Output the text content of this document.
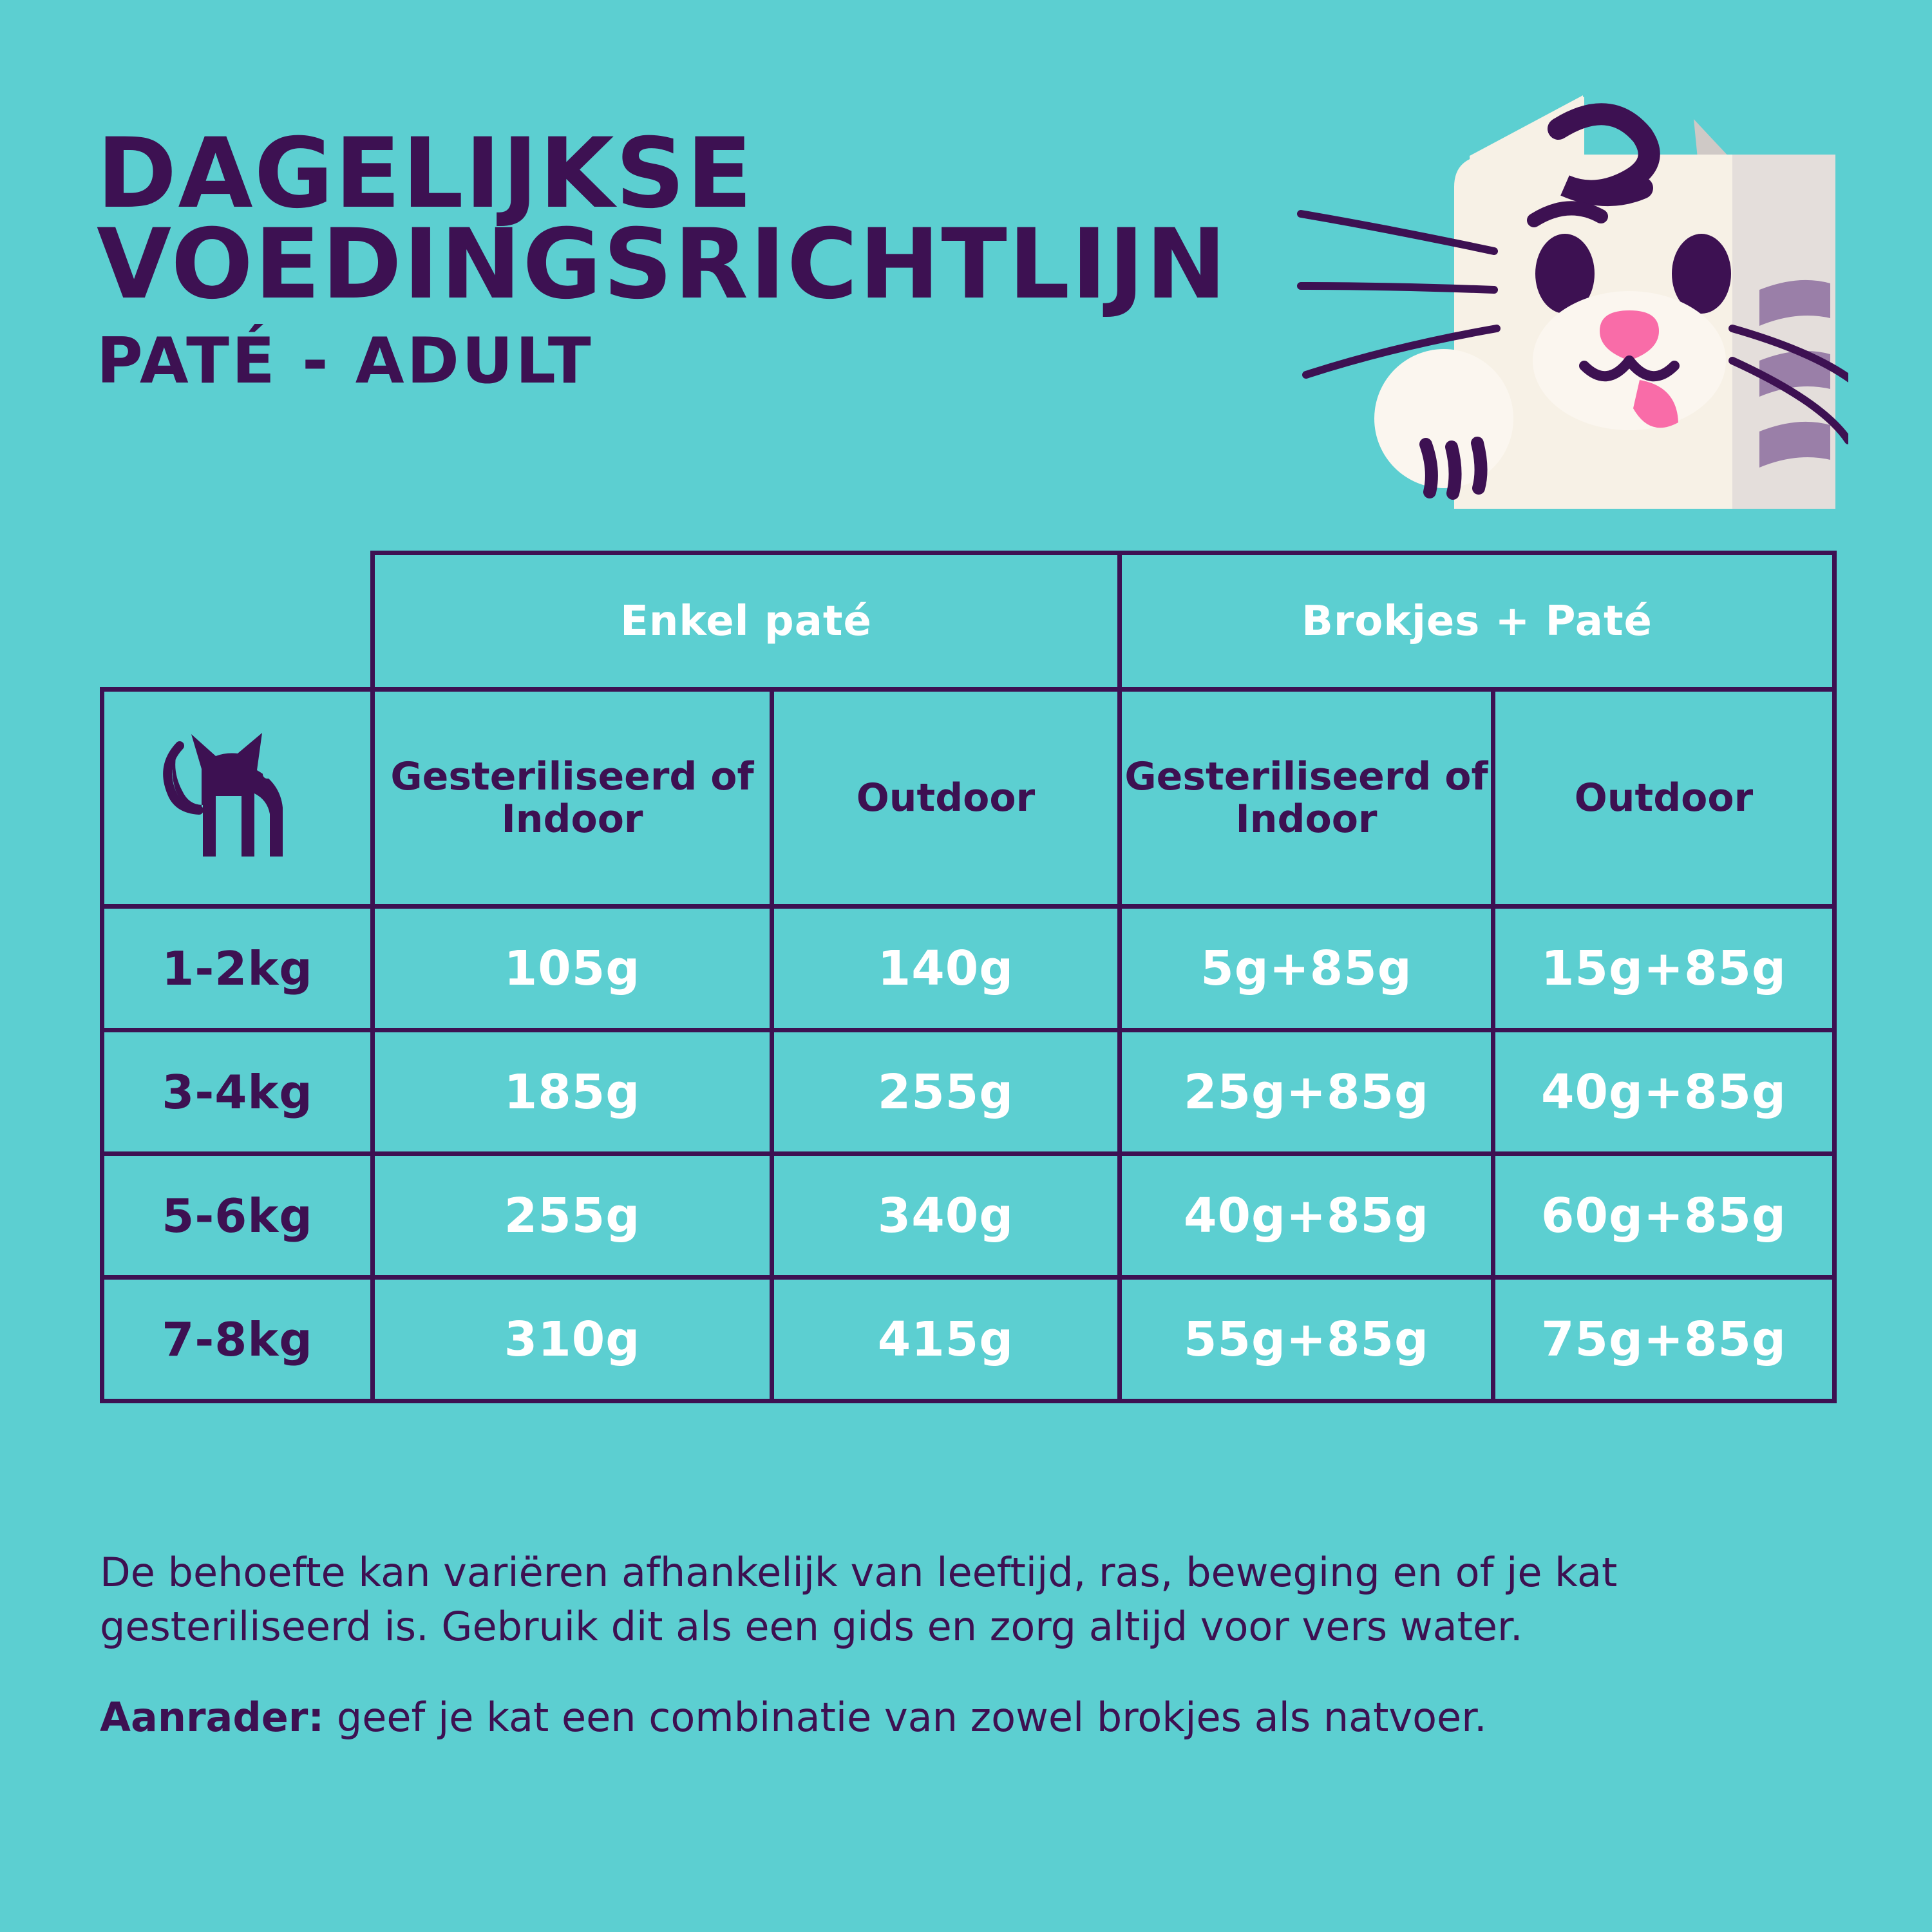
DAGELIJKSE
VOEDINGSRICHTLIJN
PATÉ - ADULT
	Enkel paté		Brokjes + Paté	

	Gesteriliseerd of Indoor	Outdoor	Gesteriliseerd of Indoor	Outdoor
1-2kg	105g	140g	5g+85g	15g+85g
3-4kg	185g	255g	25g+85g	40g+85g
5-6kg	255g	340g	40g+85g	60g+85g
7-8kg	310g	415g	55g+85g	75g+85g

De behoefte kan variëren afhankelijk van leeftijd, ras, beweging en of je kat gesteriliseerd is. Gebruik dit als een gids en zorg altijd voor vers water.

Aanrader: geef je kat een combinatie van zowel brokjes als natvoer.
